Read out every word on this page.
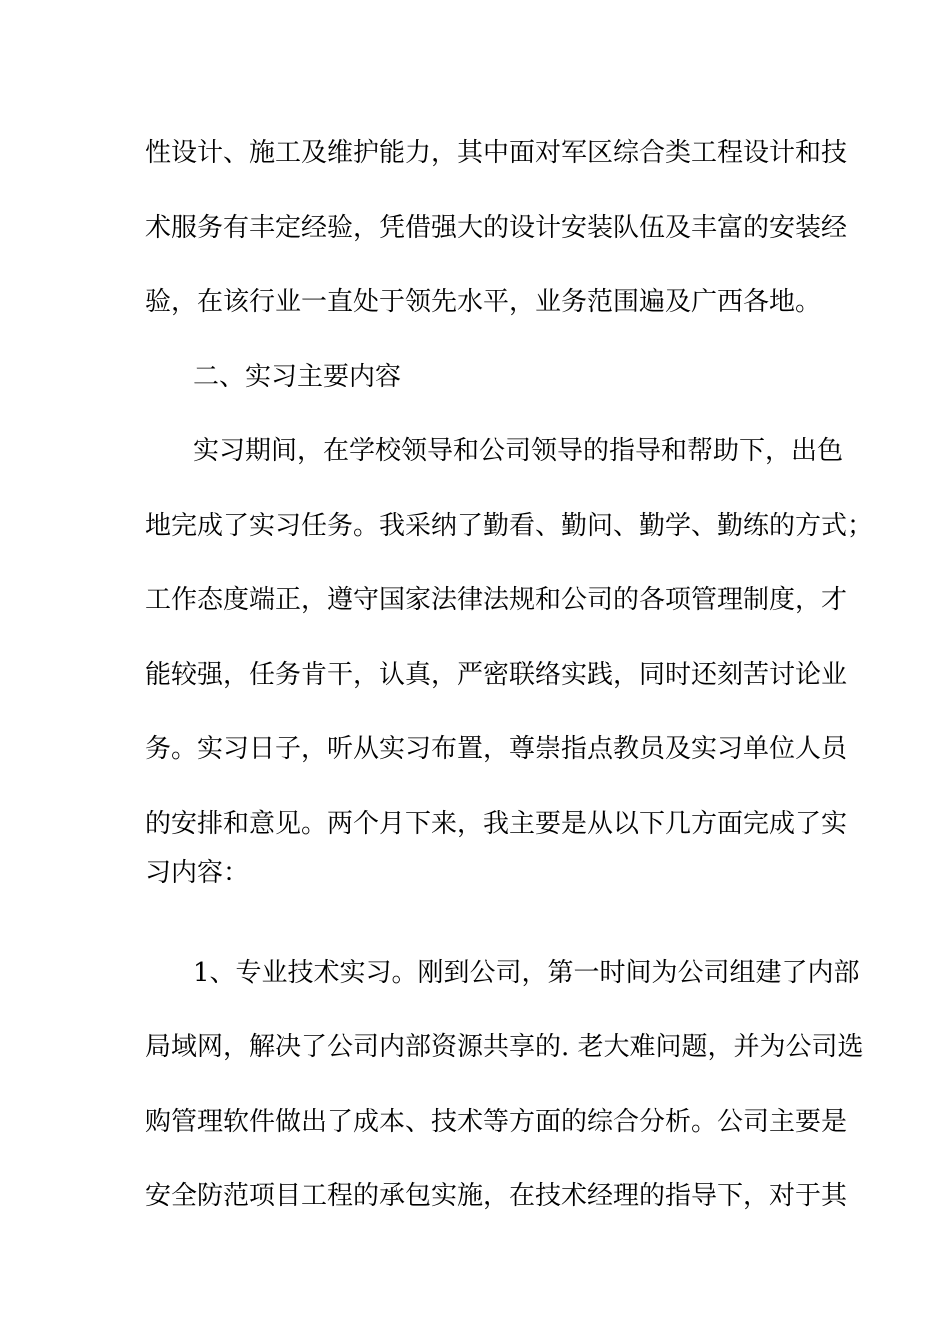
性设计、施工及维护能力，其中面对军区综合类工程设计和技
术服务有丰定经验，凭借强大的设计安装队伍及丰富的安装经
验，在该行业一直处于领先水平，业务范围遍及广西各地。
二、实习主要内容
实习期间，在学校领导和公司领导的指导和帮助下，出色
地完成了实习任务。我采纳了勤看、勤问、勤学、勤练的方式；
工作态度端正，遵守国家法律法规和公司的各项管理制度，才
能较强，任务肯干，认真，严密联络实践，同时还刻苦讨论业
务。实习日子，听从实习布置，尊崇指点教员及实习单位人员
的安排和意见。两个月下来，我主要是从以下几方面完成了实
习内容：
1、专业技术实习。刚到公司，第一时间为公司组建了内部
局域网，解决了公司内部资源共享的. 老大难问题，并为公司选
购管理软件做出了成本、技术等方面的综合分析。公司主要是
安全防范项目工程的承包实施，在技术经理的指导下，对于其
